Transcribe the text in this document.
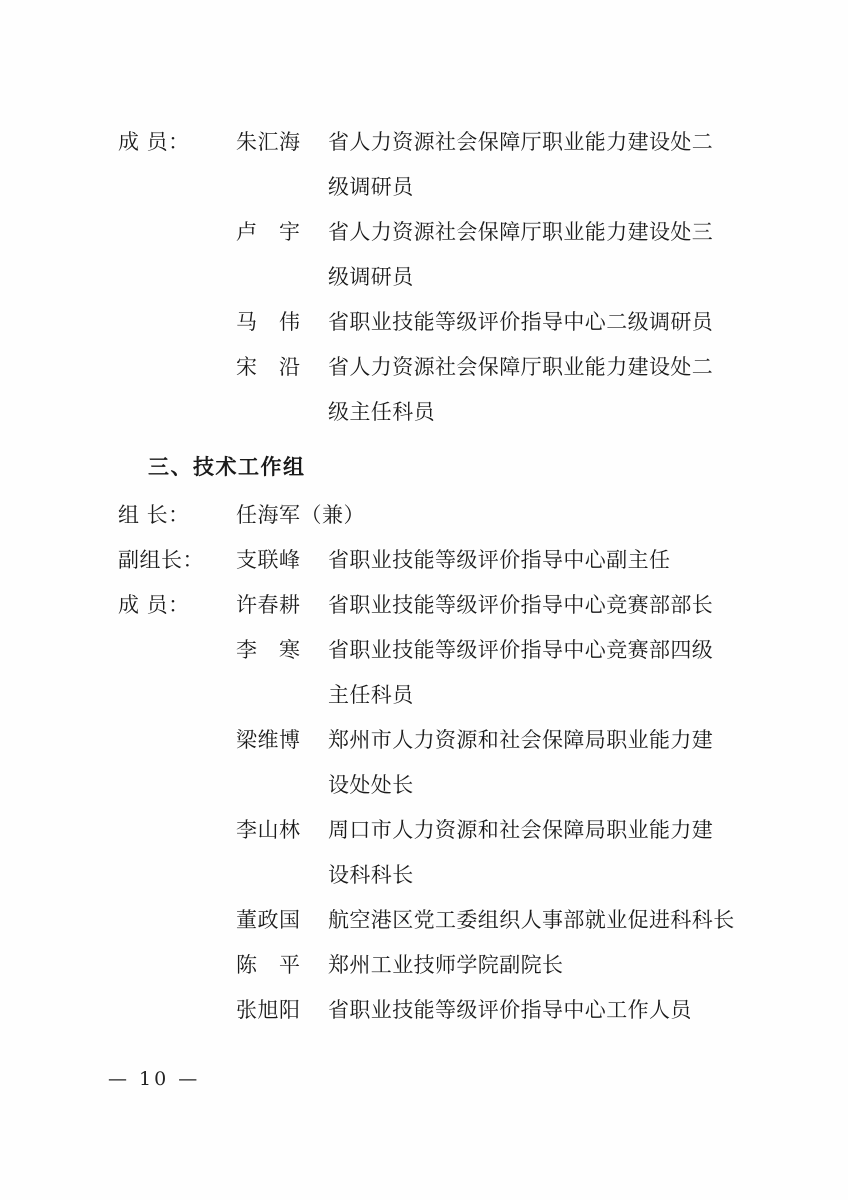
成 员：	朱汇海	省人力资源社会保障厅职业能力建设处二
级调研员
卢　宇	省人力资源社会保障厅职业能力建设处三
级调研员
马　伟	省职业技能等级评价指导中心二级调研员
宋　沿	省人力资源社会保障厅职业能力建设处二
级主任科员
三、技术工作组
组 长：	任海军（兼）
副组长：	支联峰	省职业技能等级评价指导中心副主任
成 员：	许春耕	省职业技能等级评价指导中心竞赛部部长
李　寒	省职业技能等级评价指导中心竞赛部四级
主任科员
梁维博	郑州市人力资源和社会保障局职业能力建
设处处长
李山林	周口市人力资源和社会保障局职业能力建
设科科长
董政国	航空港区党工委组织人事部就业促进科科长
陈　平	郑州工业技师学院副院长
张旭阳	省职业技能等级评价指导中心工作人员
— 10 —
